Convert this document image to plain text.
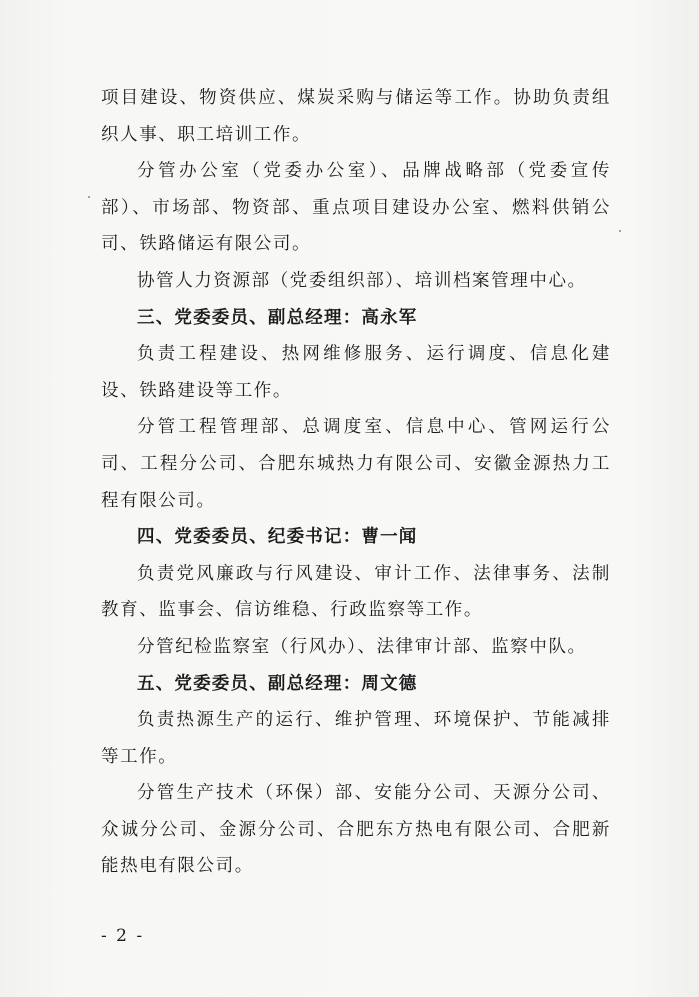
项目建设、物资供应、煤炭采购与储运等工作。协助负责组织人事、职工培训工作。

分管办公室（党委办公室）、品牌战略部（党委宣传部）、市场部、物资部、重点项目建设办公室、燃料供销公司、铁路储运有限公司。

协管人力资源部（党委组织部）、培训档案管理中心。

三、党委委员、副总经理：高永军

负责工程建设、热网维修服务、运行调度、信息化建设、铁路建设等工作。

分管工程管理部、总调度室、信息中心、管网运行公司、工程分公司、合肥东城热力有限公司、安徽金源热力工程有限公司。

四、党委委员、纪委书记：曹一闻

负责党风廉政与行风建设、审计工作、法律事务、法制教育、监事会、信访维稳、行政监察等工作。

分管纪检监察室（行风办）、法律审计部、监察中队。

五、党委委员、副总经理：周文德

负责热源生产的运行、维护管理、环境保护、节能减排等工作。

分管生产技术（环保）部、安能分公司、天源分公司、众诚分公司、金源分公司、合肥东方热电有限公司、合肥新能热电有限公司。

- 2 -
